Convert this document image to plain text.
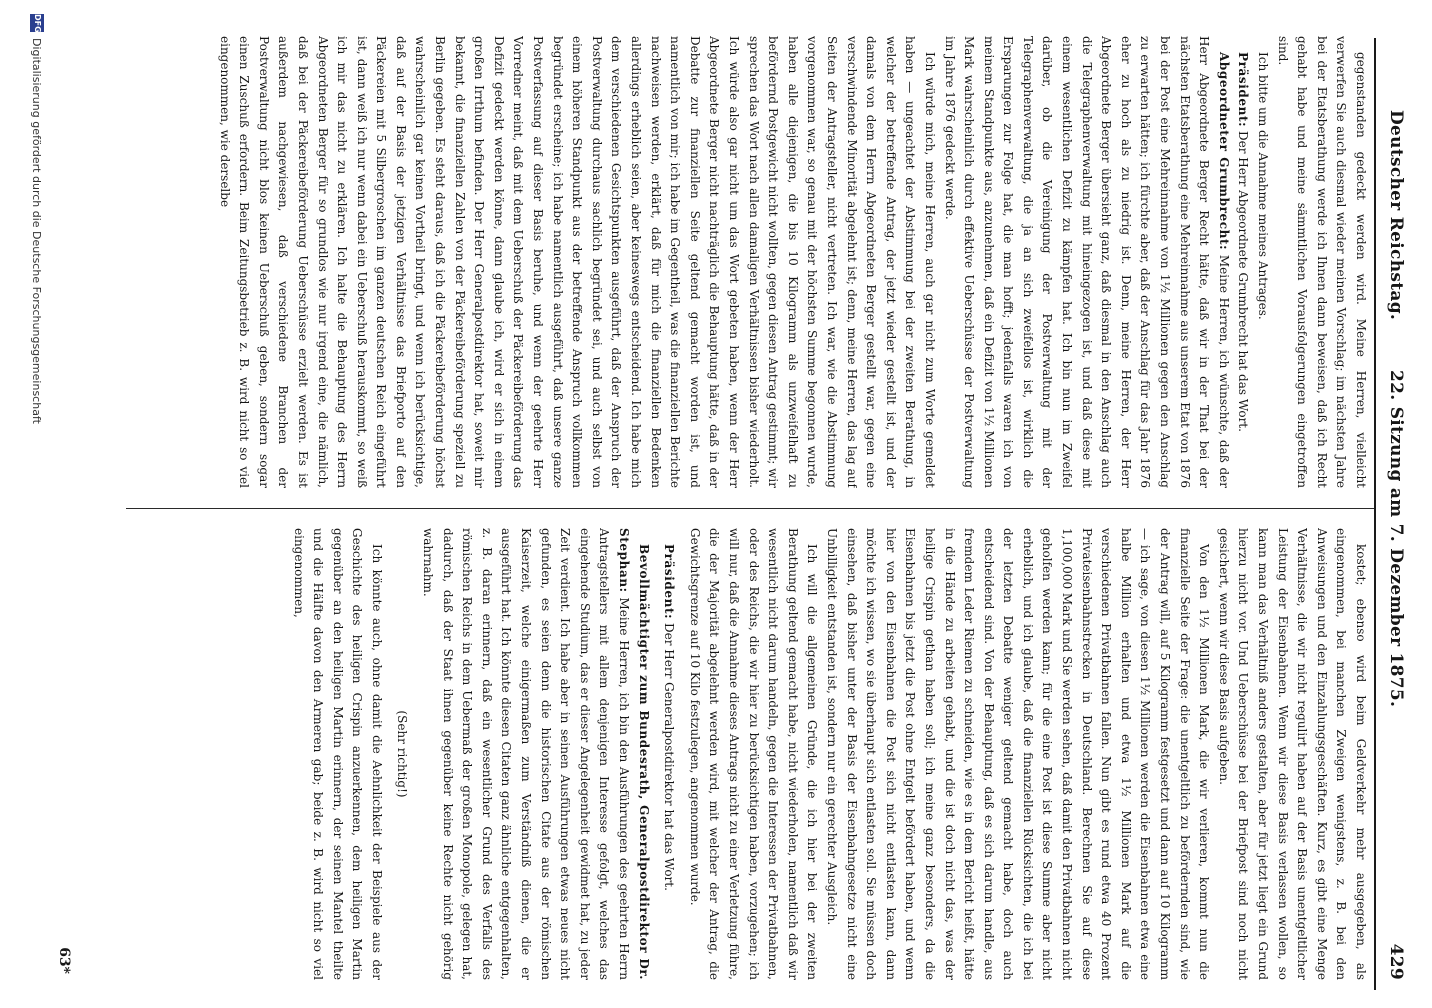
Deutscher Reichstag.
22. Sitzung am 7. Dezember 1875.
429

gegenstanden gedeckt werden wird. Meine Herren, vielleicht verwerfen Sie auch diesmal wieder meinen Vorschlag; im nächsten Jahre bei der Etatsberathung werde ich Ihnen dann beweisen, daß ich Recht gehabt habe und meine sämmtlichen Vorausfolgerungen eingetroffen sind.

Ich bitte um die Annahme meines Antrages.

Präsident: Der Herr Abgeordnete Grumbrecht hat das Wort.

Abgeordneter Grumbrecht: Meine Herren, ich wünschte, daß der Herr Abgeordnete Berger Recht hätte, daß wir in der That bei der nächsten Etatsberathung eine Mehreinnahme aus unserem Etat von 1876 bei der Post eine Mehreinnahme von 1½ Millionen gegen den Anschlag zu erwarten hätten; ich fürchte aber, daß der Anschlag für das Jahr 1876 eher zu hoch als zu niedrig ist. Denn, meine Herren, der Herr Abgeordnete Berger übersieht ganz, daß diesmal in den Anschlag auch die Telegraphenverwaltung mit hineingezogen ist, und daß diese mit einem wesentlichen Defizit zu kämpfen hat. Ich bin nun im Zweifel darüber, ob die Vereinigung der Postverwaltung mit der Telegraphenverwaltung, die ja an sich zweifellos ist, wirklich die Ersparungen zur Folge hat, die man hofft; jedenfalls waren ich von meinem Standpunkte aus, anzunehmen, daß ein Defizit von 1½ Millionen Mark wahrscheinlich durch effektive Ueberschüsse der Postverwaltung im Jahre 1876 gedeckt werde.

Ich würde mich, meine Herren, auch gar nicht zum Worte gemeldet haben — ungeachtet der Abstimmung bei der zweiten Berathung, in welcher der betreffende Antrag, der jetzt wieder gestellt ist, und der damals von dem Herrn Abgeordneten Berger gestellt war, gegen eine verschwindende Minorität abgelehnt ist; denn, meine Herren, das lag auf Seiten der Antragsteller, nicht vertreten. Ich war, wie die Abstimmung vorgenommen war, so genau mit der höchsten Summe begonnen wurde, haben alle diejenigen, die bis 10 Kilogramm als unzweifelhaft zu befördernd Postgewicht nicht wollten, gegen diesen Antrag gestimmt; wir sprechen das Wort nach allen damaligen Verhältnissen bisher wiederholt. Ich würde also gar nicht um das Wort gebeten haben, wenn der Herr Abgeordnete Berger nicht nachträglich die Behauptung hätte, daß in der Debatte zur finanziellen Seite geltend gemacht worden ist, und namentlich von mir; ich habe im Gegentheil, was die finanziellen Berichte nachweisen werden, erklärt, daß für mich die finanziellen Bedenken allerdings erheblich seien, aber keineswegs entscheidend. Ich habe mich dem verschiedenen Gesichtspunkten ausgeführt, daß der Anspruch der Postverwaltung durchaus sachlich begründet sei, und auch selbst von einem höheren Standpunkt aus der betreffende Anspruch vollkommen begründet erscheine; ich habe namentlich ausgeführt, daß unsere ganze Postverfassung auf dieser Basis beruhe, und wenn der geehrte Herr Vorredner meint, daß mit dem Ueberschuß der Päckereibeförderung das Defizit gedeckt werden könne, dann glaube ich, wird er sich in einem großen Irrthum befinden. Der Herr Generalpostdirektor hat, soweit mir bekannt, die finanziellen Zahlen von der Päckereibeförderung speziell zu Berlin gegeben. Es steht daraus, daß ich die Päckereibeförderung höchst wahrscheinlich gar keinen Vortheil bringt, und wenn ich berücksichtige, daß auf der Basis der jetzigen Verhältnisse das Briefporto auf den Päckereien mit 5 Silbergroschen im ganzen deutschen Reich eingeführt ist, dann weiß ich nur wenn dabei ein Ueberschuß herauskommt, so weiß ich mir das nicht zu erklären. Ich halte die Behauptung des Herrn Abgeordneten Berger für so grundlos wie nur irgend eine, die nämlich, daß bei der Päckereibeförderung Ueberschüsse erzielt werden. Es ist außerdem nachgewiesen, daß verschiedene Branchen der Postverwaltung nicht blos keinen Ueberschuß geben, sondern sogar einen Zuschuß erfordern. Beim Zeitungsbetrieb z. B. wird nicht so viel eingenommen, wie derselbe

kostet; ebenso wird beim Geldverkehr mehr ausgegeben, als eingenommen, bei manchen Zweigen wenigstens, z. B. bei den Anweisungen und den Einzahlungsgeschäften. Kurz, es gibt eine Menge Verhältnisse, die wir nicht regulirt haben auf der Basis unentgeltlicher Leistung der Eisenbahnen. Wenn wir diese Basis verlassen wollen, so kann man das Verhältniß anders gestalten, aber für jetzt liegt ein Grund hierzu nicht vor. Und Ueberschüsse bei der Briefpost sind noch nicht gesichert, wenn wir diese Basis aufgeben.

Von den 1½ Millionen Mark, die wir verlieren, kommt nun die finanzielle Seite der Frage: die unentgeltlich zu befördernden sind, wie der Antrag will, auf 5 Kilogramm festgesetzt und dann auf 10 Kilogramm — ich sage, von diesen 1½ Millionen werden die Eisenbahnen etwa eine halbe Million erhalten und etwa 1½ Millionen Mark auf die verschiedenen Privatbahnen fallen. Nun gibt es rund etwa 40 Prozent Privateisenbahnstrecken in Deutschland. Berechnen Sie auf diese 1,100,000 Mark und Sie werden sehen, daß damit den Privatbahnen nicht geholfen werden kann; für die eine Post ist diese Summe aber nicht erheblich, und ich glaube, daß die finanziellen Rücksichten, die ich bei der letzten Debatte weniger geltend gemacht habe, doch auch entscheidend sind. Von der Behauptung, daß es sich darum handle, aus fremdem Leder Riemen zu schneiden, wie es in dem Bericht heißt, hätte in die Hände zu arbeiten gehabt, und die ist doch nicht das, was der heilige Crispin gethan haben soll; ich meine ganz besonders, da die Eisenbahnen bis jetzt die Post ohne Entgelt befördert haben, und wenn hier von den Eisenbahnen die Post sich nicht entlasten kann, dann möchte ich wissen, wo sie überhaupt sich entlasten soll. Sie müssen doch einsehen, daß bisher unter der Basis der Eisenbahngesetze nicht eine Unbilligkeit entstanden ist, sondern nur ein gerechter Ausgleich.

Ich will die allgemeinen Gründe, die ich hier bei der zweiten Berathung geltend gemacht habe, nicht wiederholen, namentlich daß wir wesentlich nicht darum handeln, gegen die Interessen der Privatbahnen, oder des Reichs, die wir hier zu berücksichtigen haben, vorzugehen; ich will nur, daß die Annahme dieses Antrags nicht zu einer Verletzung führe, die der Majorität abgelehnt werden wird, mit welcher der Antrag, die Gewichtsgrenze auf 10 Kilo festzulegen, angenommen wurde.

Präsident: Der Herr Generalpostdirektor hat das Wort.

Bevollmächtigter zum Bundesrath, Generalpostdirektor Dr. Stephan: Meine Herren, ich bin den Ausführungen des geehrten Herrn Antragstellers mit allem denjenigen Interesse gefolgt, welches das eingehende Studium, das er dieser Angelegenheit gewidmet hat, zu jeder Zeit verdient. Ich habe aber in seinen Ausführungen etwas neues nicht gefunden, es seien denn die historischen Citate aus der römischen Kaiserzeit, welche einigermaßen zum Verständniß dienen, die er ausgeführt hat. Ich könnte diesen Citaten ganz ähnliche entgegenhalten, z. B. daran erinnern, daß ein wesentlicher Grund des Verfalls des römischen Reichs in dem Uebermaß der großen Monopole, gelegen hat, dadurch, daß der Staat ihnen gegenüber keine Rechte nicht gehörig wahrnahm.

(Sehr richtig!)

Ich könnte auch, ohne damit die Aehnlichkeit der Beispiele aus der Geschichte des heiligen Crispin anzuerkennen, dem heiligen Martin gegenüber an den heiligen Martin erinnern, der seinen Mantel theilte und die Hälfte davon den Armeren gab; beide z. B. wird nicht so viel eingenommen,

63*
DFG
Digitalisierung gefördert durch die Deutsche Forschungsgemeinschaft
